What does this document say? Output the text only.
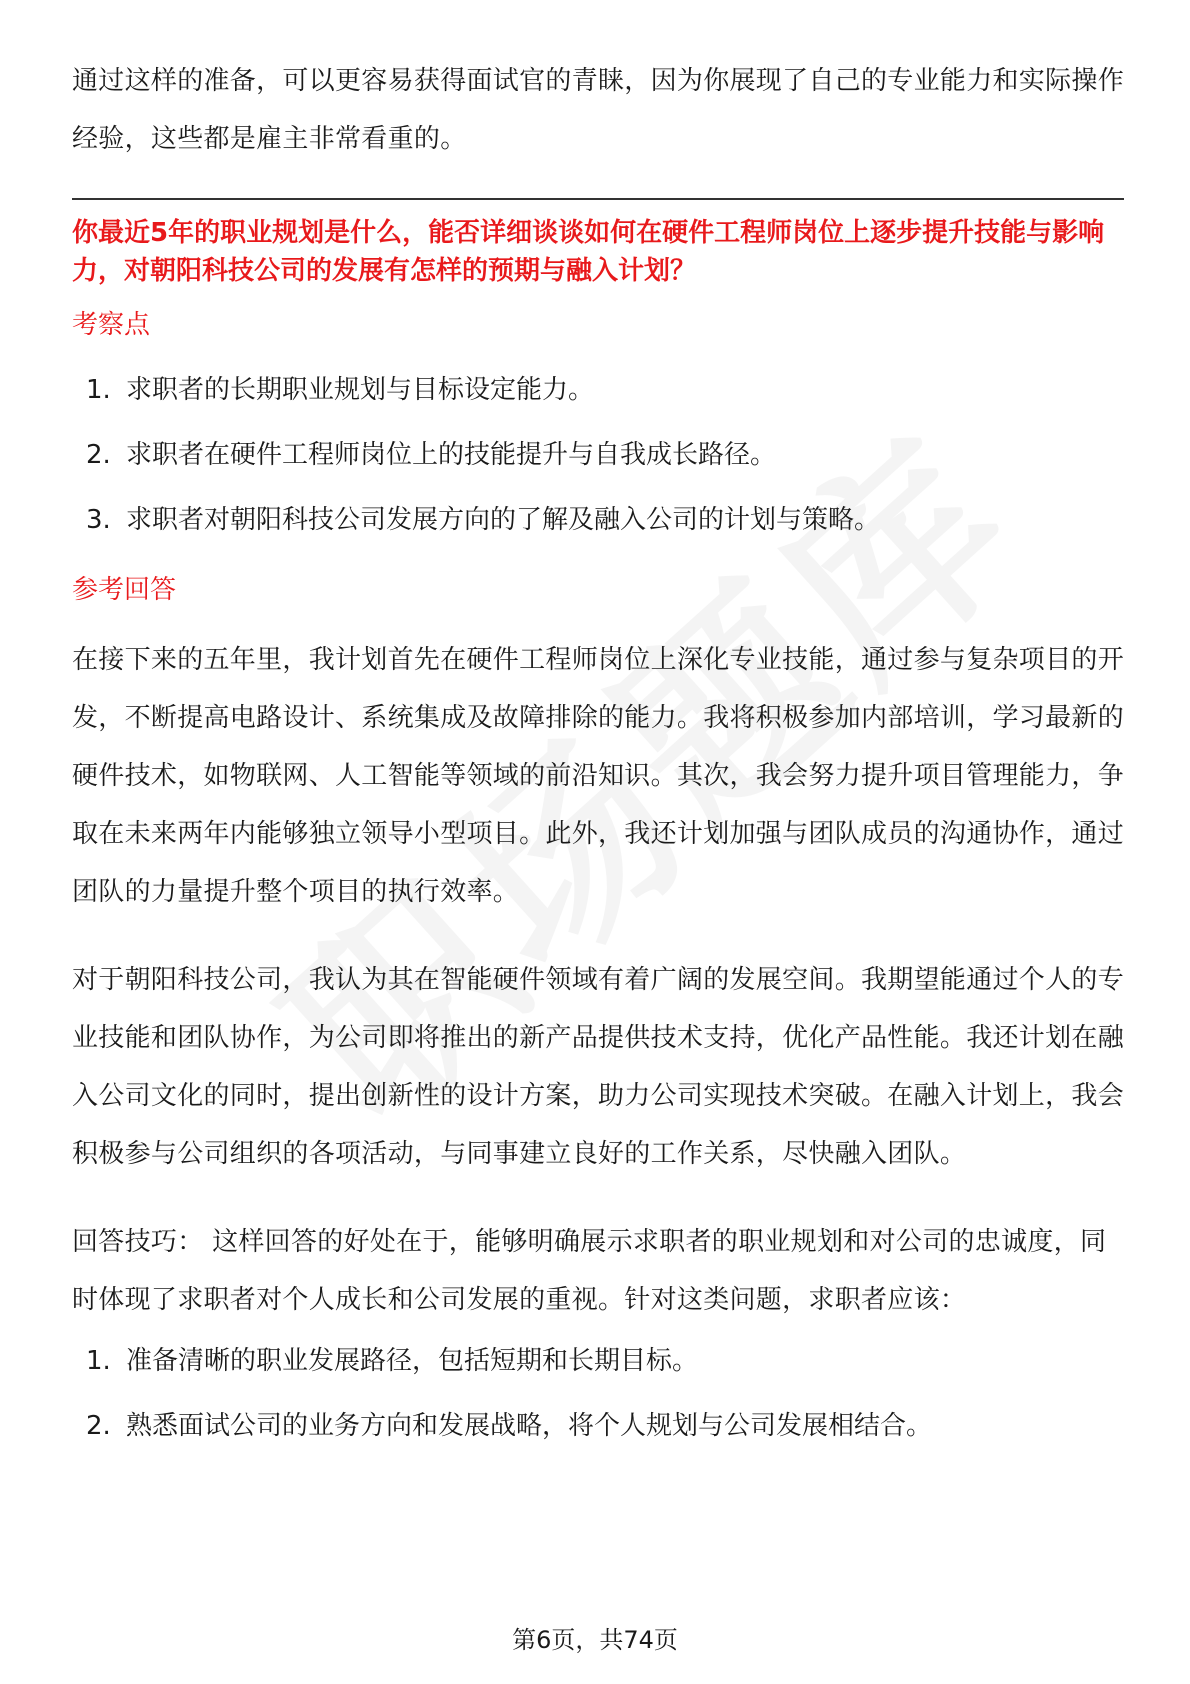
通过这样的准备，可以更容易获得面试官的青睐，因为你展现了自己的专业能力和实际操作经验，这些都是雇主非常看重的。

你最近5年的职业规划是什么，能否详细谈谈如何在硬件工程师岗位上逐步提升技能与影响力，对朝阳科技公司的发展有怎样的预期与融入计划？

考察点
1. 求职者的长期职业规划与目标设定能力。
2. 求职者在硬件工程师岗位上的技能提升与自我成长路径。
3. 求职者对朝阳科技公司发展方向的了解及融入公司的计划与策略。
参考回答

在接下来的五年里，我计划首先在硬件工程师岗位上深化专业技能，通过参与复杂项目的开发，不断提高电路设计、系统集成及故障排除的能力。我将积极参加内部培训，学习最新的硬件技术，如物联网、人工智能等领域的前沿知识。其次，我会努力提升项目管理能力，争取在未来两年内能够独立领导小型项目。此外，我还计划加强与团队成员的沟通协作，通过团队的力量提升整个项目的执行效率。

对于朝阳科技公司，我认为其在智能硬件领域有着广阔的发展空间。我期望能通过个人的专业技能和团队协作，为公司即将推出的新产品提供技术支持，优化产品性能。我还计划在融入公司文化的同时，提出创新性的设计方案，助力公司实现技术突破。在融入计划上，我会积极参与公司组织的各项活动，与同事建立良好的工作关系，尽快融入团队。

回答技巧： 这样回答的好处在于，能够明确展示求职者的职业规划和对公司的忠诚度，同时体现了求职者对个人成长和公司发展的重视。针对这类问题，求职者应该：

1. 准备清晰的职业发展路径，包括短期和长期目标。
2. 熟悉面试公司的业务方向和发展战略，将个人规划与公司发展相结合。
第6页，共74页
